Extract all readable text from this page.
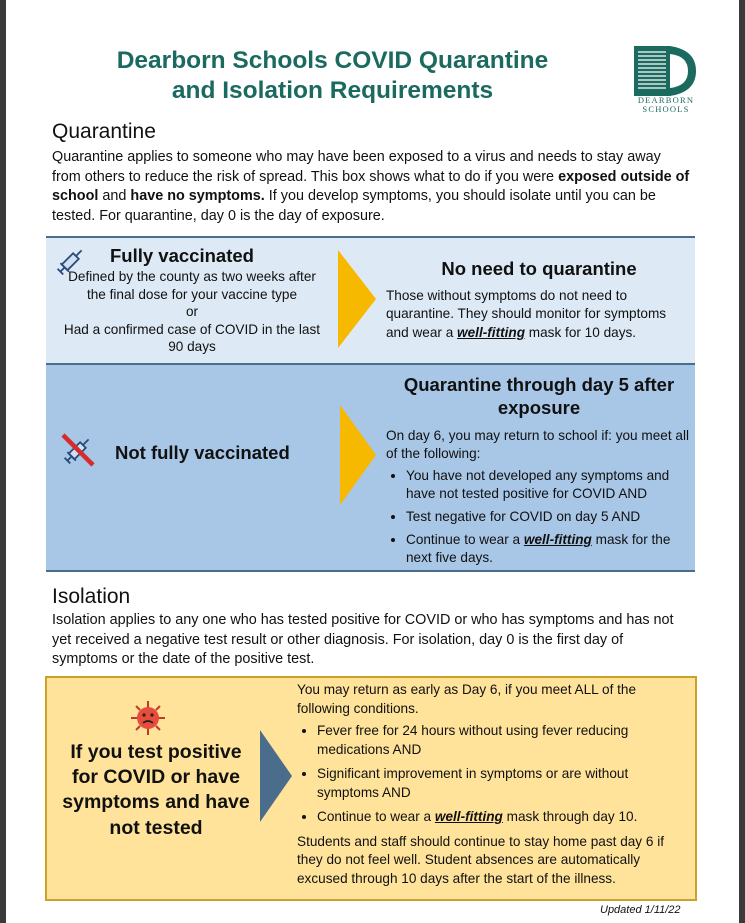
Dearborn Schools COVID Quarantine
and Isolation Requirements	DEARBORN
SCHOOLS
Quarantine

Quarantine applies to someone who may have been exposed to a virus and needs to stay away from others to reduce the risk of spread. This box shows what to do if you were exposed outside of school and have no symptoms. If you develop symptoms, you should isolate until you can be tested. For quarantine, day 0 is the day of exposure.

Fully vaccinated
Defined by the county as two weeks after the final dose for your vaccine type
or
Had a confirmed case of COVID in the last 90 days
No need to quarantine
Those without symptoms do not need to quarantine. They should monitor for symptoms and wear a well-fitting mask for 10 days.
Not fully vaccinated
Quarantine through day 5 after exposure
On day 6, you may return to school if: you meet all of the following:
• You have not developed any symptoms and have not tested positive for COVID AND
• Test negative for COVID on day 5 AND
• Continue to wear a well-fitting mask for the next five days.
Isolation

Isolation applies to any one who has tested positive for COVID or who has symptoms and has not yet received a negative test result or other diagnosis. For isolation, day 0 is the first day of symptoms or the date of the positive test.

If you test positive for COVID or have symptoms and have not tested
You may return as early as Day 6, if you meet ALL of the following conditions.
• Fever free for 24 hours without using fever reducing medications AND
• Significant improvement in symptoms or are without symptoms AND
• Continue to wear a well-fitting mask through day 10.
Students and staff should continue to stay home past day 6 if they do not feel well. Student absences are automatically excused through 10 days after the start of the illness.
Updated 1/11/22
